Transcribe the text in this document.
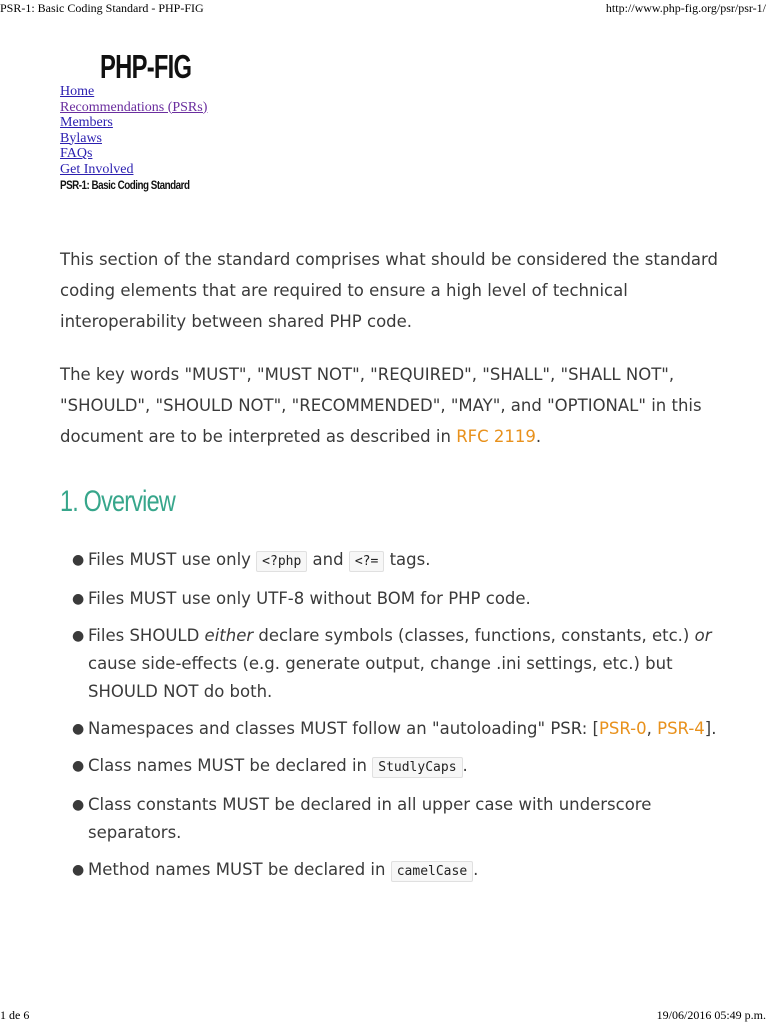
PSR-1: Basic Coding Standard - PHP-FIG	http://www.php-fig.org/psr/psr-1/
PHP-FIG
Home
Recommendations (PSRs)
Members
Bylaws
FAQs
Get Involved
PSR-1: Basic Coding Standard

This section of the standard comprises what should be considered the standard coding elements that are required to ensure a high level of technical interoperability between shared PHP code.

The key words "MUST", "MUST NOT", "REQUIRED", "SHALL", "SHALL NOT", "SHOULD", "SHOULD NOT", "RECOMMENDED", "MAY", and "OPTIONAL" in this document are to be interpreted as described in RFC 2119.

1. Overview
● Files MUST use only <?php and <?= tags.
● Files MUST use only UTF-8 without BOM for PHP code.
● Files SHOULD either declare symbols (classes, functions, constants, etc.) or cause side-effects (e.g. generate output, change .ini settings, etc.) but SHOULD NOT do both.
● Namespaces and classes MUST follow an "autoloading" PSR: [PSR-0, PSR-4].
● Class names MUST be declared in StudlyCaps .
● Class constants MUST be declared in all upper case with underscore separators.
● Method names MUST be declared in camelCase .
1 de 6	19/06/2016 05:49 p.m.
